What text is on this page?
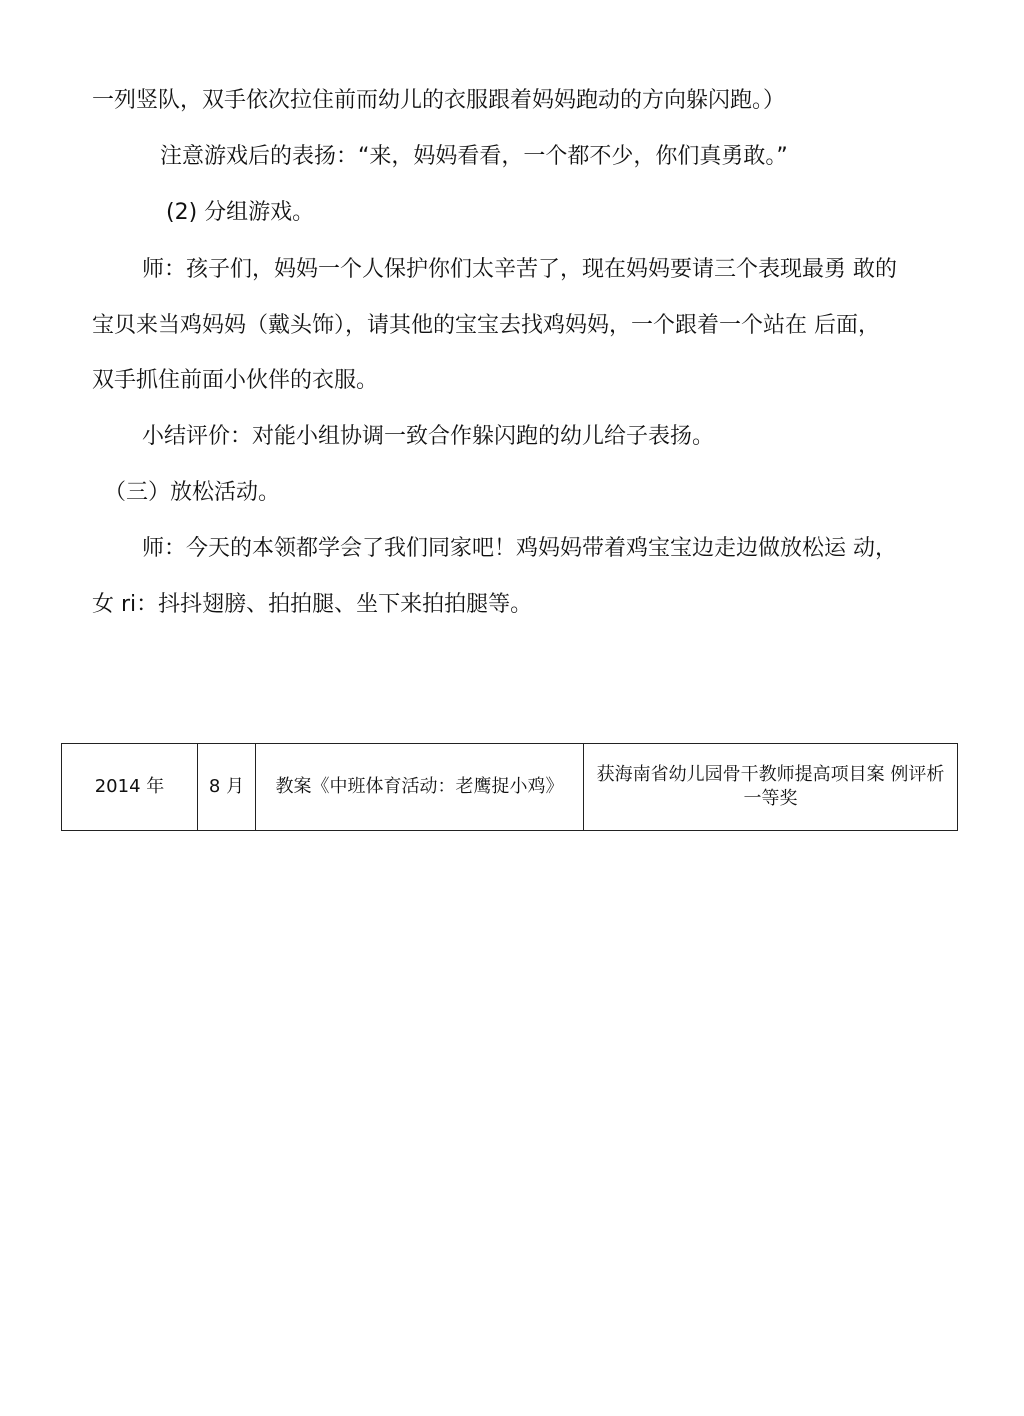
一列竖队，双手依次拉住前而幼儿的衣服跟着妈妈跑动的方向躲闪跑。）
注意游戏后的表扬：“来，妈妈看看，一个都不少，你们真勇敢。”
(2) 分组游戏。
师：孩子们，妈妈一个人保护你们太辛苦了，现在妈妈要请三个表现最勇 敢的
宝贝来当鸡妈妈（戴头饰），请其他的宝宝去找鸡妈妈，一个跟着一个站在 后面，
双手抓住前面小伙伴的衣服。
小结评价：对能小组协调一致合作躲闪跑的幼儿给子表扬。
（三）放松活动。
师：今天的本领都学会了我们同家吧！鸡妈妈带着鸡宝宝边走边做放松运 动，
女 ri：抖抖翅膀、拍拍腿、坐下来拍拍腿等。
2014 年	8 月	教案《中班体育活动：老鹰捉小鸡》	获海南省幼儿园骨干教师提高项目案 例评析一等奖
